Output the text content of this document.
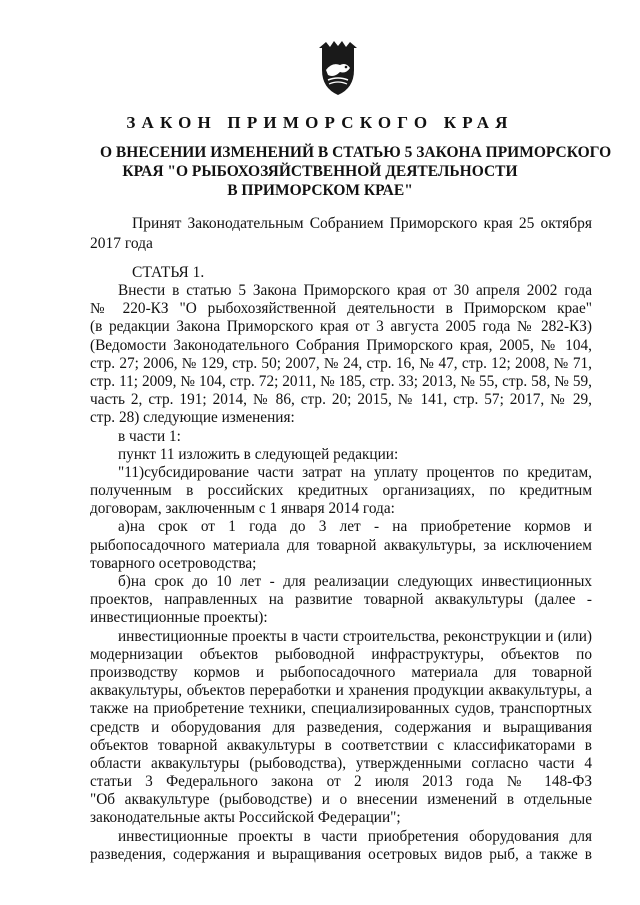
ЗАКОН ПРИМОРСКОГО КРАЯ
О ВНЕСЕНИИ ИЗМЕНЕНИЙ В СТАТЬЮ 5 ЗАКОНА ПРИМОРСКОГО
КРАЯ "О РЫБОХОЗЯЙСТВЕННОЙ ДЕЯТЕЛЬНОСТИ
В ПРИМОРСКОМ КРАЕ"
Принят Законодательным Собранием Приморского края 25 октября
2017 года
СТАТЬЯ 1.
Внести в статью 5 Закона Приморского края от 30 апреля 2002 года
№ 220-КЗ "О рыбохозяйственной деятельности в Приморском крае"
(в редакции Закона Приморского края от 3 августа 2005 года № 282-КЗ)
(Ведомости Законодательного Собрания Приморского края, 2005, № 104,
стр. 27; 2006, № 129, стр. 50; 2007, № 24, стр. 16, № 47, стр. 12; 2008, № 71,
стр. 11; 2009, № 104, стр. 72; 2011, № 185, стр. 33; 2013, № 55, стр. 58, № 59,
часть 2, стр. 191; 2014, № 86, стр. 20; 2015, № 141, стр. 57; 2017, № 29,
стр. 28) следующие изменения:
в части 1:
пункт 11 изложить в следующей редакции:
"11)субсидирование части затрат на уплату процентов по кредитам,
полученным в российских кредитных организациях, по кредитным
договорам, заключенным с 1 января 2014 года:
а)на срок от 1 года до 3 лет - на приобретение кормов и
рыбопосадочного материала для товарной аквакультуры, за исключением
товарного осетроводства;
б)на срок до 10 лет - для реализации следующих инвестиционных
проектов, направленных на развитие товарной аквакультуры (далее -
инвестиционные проекты):
инвестиционные проекты в части строительства, реконструкции и (или)
модернизации объектов рыбоводной инфраструктуры, объектов по
производству кормов и рыбопосадочного материала для товарной
аквакультуры, объектов переработки и хранения продукции аквакультуры, а
также на приобретение техники, специализированных судов, транспортных
средств и оборудования для разведения, содержания и выращивания
объектов товарной аквакультуры в соответствии с классификаторами в
области аквакультуры (рыбоводства), утвержденными согласно части 4
статьи 3 Федерального закона от 2 июля 2013 года № 148-ФЗ
"Об аквакультуре (рыбоводстве) и о внесении изменений в отдельные
законодательные акты Российской Федерации";
инвестиционные проекты в части приобретения оборудования для
разведения, содержания и выращивания осетровых видов рыб, а также в
